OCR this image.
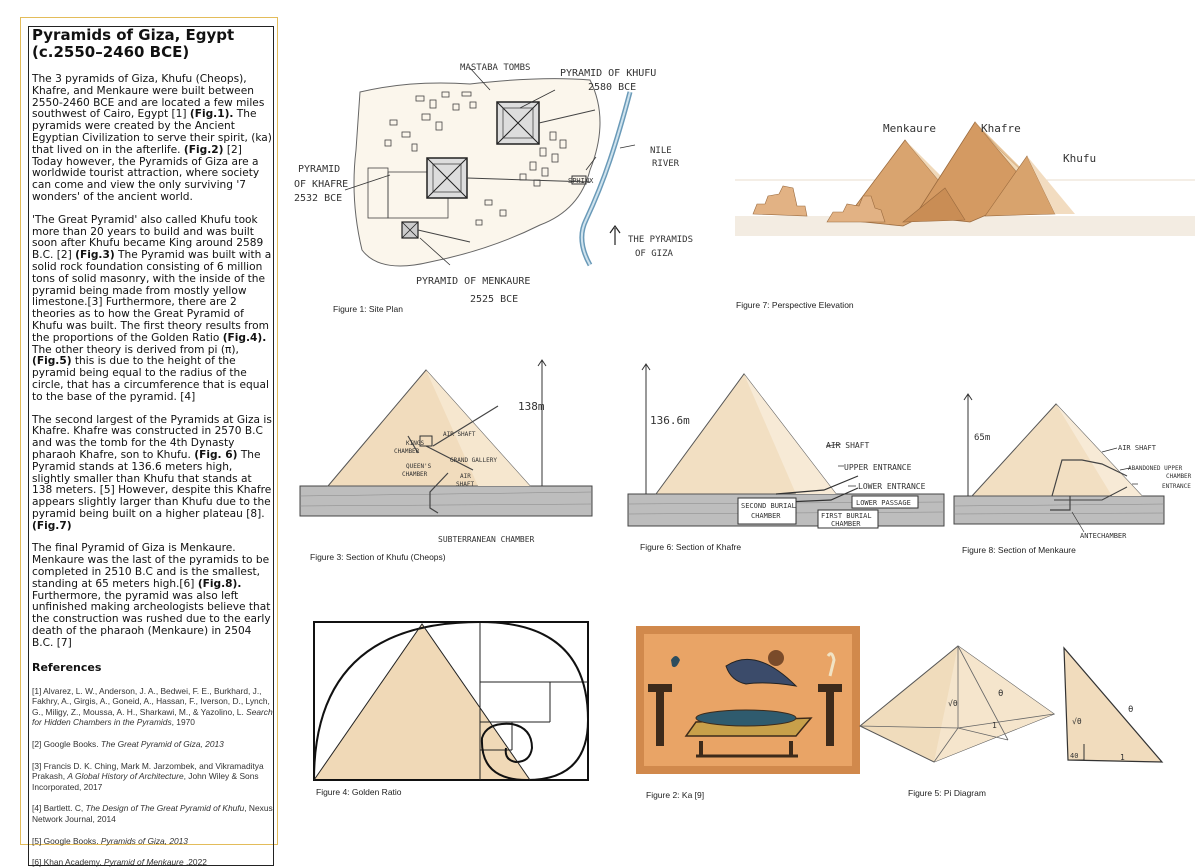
Pyramids of Giza, Egypt
(c.2550–2460 BCE)

The 3 pyramids of Giza, Khufu (Cheops), Khafre, and Menkaure were built between 2550-2460 BCE and are located a few miles southwest of Cairo, Egypt [1] (Fig.1). The pyramids were created by the Ancient Egyptian Civilization to serve their spirit, (ka) that lived on in the afterlife. (Fig.2) [2] Today however, the Pyramids of Giza are a worldwide tourist attraction, where society can come and view the only surviving '7 wonders' of the ancient world.

'The Great Pyramid' also called Khufu took more than 20 years to build and was built soon after Khufu became King around 2589 B.C. [2] (Fig.3) The Pyramid was built with a solid rock foundation consisting of 6 million tons of solid masonry, with the inside of the pyramid being made from mostly yellow limestone.[3] Furthermore, there are 2 theories as to how the Great Pyramid of Khufu was built. The first theory results from the proportions of the Golden Ratio (Fig.4). The other theory is derived from pi (π), (Fig.5) this is due to the height of the pyramid being equal to the radius of the circle, that has a circumference that is equal to the base of the pyramid. [4]

The second largest of the Pyramids at Giza is Khafre. Khafre was constructed in 2570 B.C and was the tomb for the 4th Dynasty pharaoh Khafre, son to Khufu. (Fig. 6) The Pyramid stands at 136.6 meters high, slightly smaller than Khufu that stands at 138 meters. [5] However, despite this Khafre appears slightly larger than Khufu due to the pyramid being built on a higher plateau [8]. (Fig.7)

The final Pyramid of Giza is Menkaure. Menkaure was the last of the pyramids to be completed in 2510 B.C and is the smallest, standing at 65 meters high.[6] (Fig.8). Furthermore, the pyramid was also left unfinished making archeologists believe that the construction was rushed due to the early death of the pharaoh (Menkaure) in 2504 B.C. [7]

References

[1] Alvarez, L. W., Anderson, J. A., Bedwei, F. E., Burkhard, J., Fakhry, A., Girgis, A., Goneid, A., Hassan, F., Iverson, D., Lynch, G., Miligy, Z., Moussa, A. H., Sharkawi, M., & Yazolino, L. Search for Hidden Chambers in the Pyramids, 1970

[2] Google Books. The Great Pyramid of Giza, 2013

[3] Francis D. K. Ching, Mark M. Jarzombek, and Vikramaditya Prakash, A Global History of Architecture, John Wiley & Sons Incorporated, 2017

[4] Bartlett. C, The Design of The Great Pyramid of Khufu, Nexus Network Journal, 2014

[5] Google Books. Pyramids of Giza, 2013

[6] Khan Academy, Pyramid of Menkaure ,2022

MASTABA TOMBS	PYRAMID OF KHUFU
2580 BCE
NILE
RIVER
PYRAMID
OF KHAFRE
2532 BCE
SPHINX
THE PYRAMIDS
OF GIZA
PYRAMID OF MENKAURE
2525 BCE
Figure 1: Site Plan
Menkaure	Khafre
Khufu
Figure 7: Perspective Elevation
138m
KINGS
CHAMBER
AIR SHAFT
GRAND GALLERY
QUEEN'S
CHAMBER	AIR
SHAFT
SUBTERRANEAN CHAMBER
Figure 3: Section of Khufu (Cheops)
136.6m
AIR SHAFT
UPPER ENTRANCE
LOWER ENTRANCE
LOWER PASSAGE
SECOND BURIAL
CHAMBER	FIRST BURIAL
CHAMBER
Figure 6: Section of Khafre
65m
AIR SHAFT
ABANDONED UPPER
CHAMBER
ENTRANCE
ANTECHAMBER
Figure 8: Section of Menkaure
Figure 4: Golden Ratio	Figure 2: Ka [9]
θ
√θ
1	√θ
θ
1
40
Figure 5: Pi Diagram
